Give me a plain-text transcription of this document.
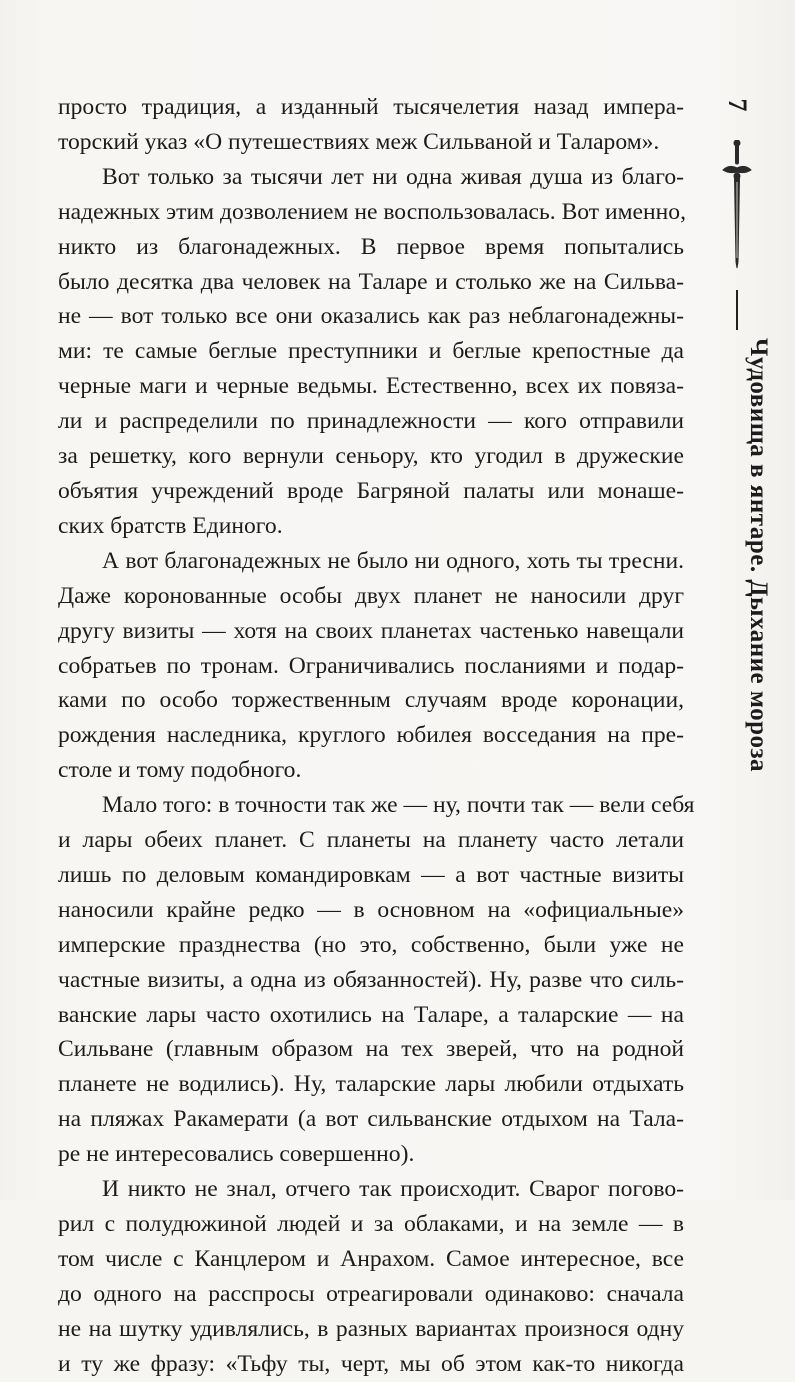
просто традиция, а изданный тысячелетия назад импера-
торский указ «О путешествиях меж Сильваной и Таларом».

Вот только за тысячи лет ни одна живая душа из благо-
надежных этим дозволением не воспользовалась. Вот именно,
никто из благонадежных. В первое время попытались
было десятка два человек на Таларе и столько же на Сильва-
не — вот только все они оказались как раз неблагонадежны-
ми: те самые беглые преступники и беглые крепостные да
черные маги и черные ведьмы. Естественно, всех их повяза-
ли и распределили по принадлежности — кого отправили
за решетку, кого вернули сеньору, кто угодил в дружеские
объятия учреждений вроде Багряной палаты или монаше-
ских братств Единого.

А вот благонадежных не было ни одного, хоть ты тресни.
Даже коронованные особы двух планет не наносили друг
другу визиты — хотя на своих планетах частенько навещали
собратьев по тронам. Ограничивались посланиями и подар-
ками по особо торжественным случаям вроде коронации,
рождения наследника, круглого юбилея восседания на пре-
столе и тому подобного.

Мало того: в точности так же — ну, почти так — вели себя
и лары обеих планет. С планеты на планету часто летали
лишь по деловым командировкам — а вот частные визиты
наносили крайне редко — в основном на «официальные»
имперские празднества (но это, собственно, были уже не
частные визиты, а одна из обязанностей). Ну, разве что силь-
ванские лары часто охотились на Таларе, а таларские — на
Сильване (главным образом на тех зверей, что на родной
планете не водились). Ну, таларские лары любили отдыхать
на пляжах Ракамерати (а вот сильванские отдыхом на Тала-
ре не интересовались совершенно).

И никто не знал, отчего так происходит. Сварог погово-
рил с полудюжиной людей и за облаками, и на земле — в
том числе с Канцлером и Анрахом. Самое интересное, все
до одного на расспросы отреагировали одинаково: сначала
не на шутку удивлялись, в разных вариантах произнося одну
и ту же фразу: «Тьфу ты, черт, мы об этом как-то никогда

7
Чудовища в янтаре. Дыхание мороза
